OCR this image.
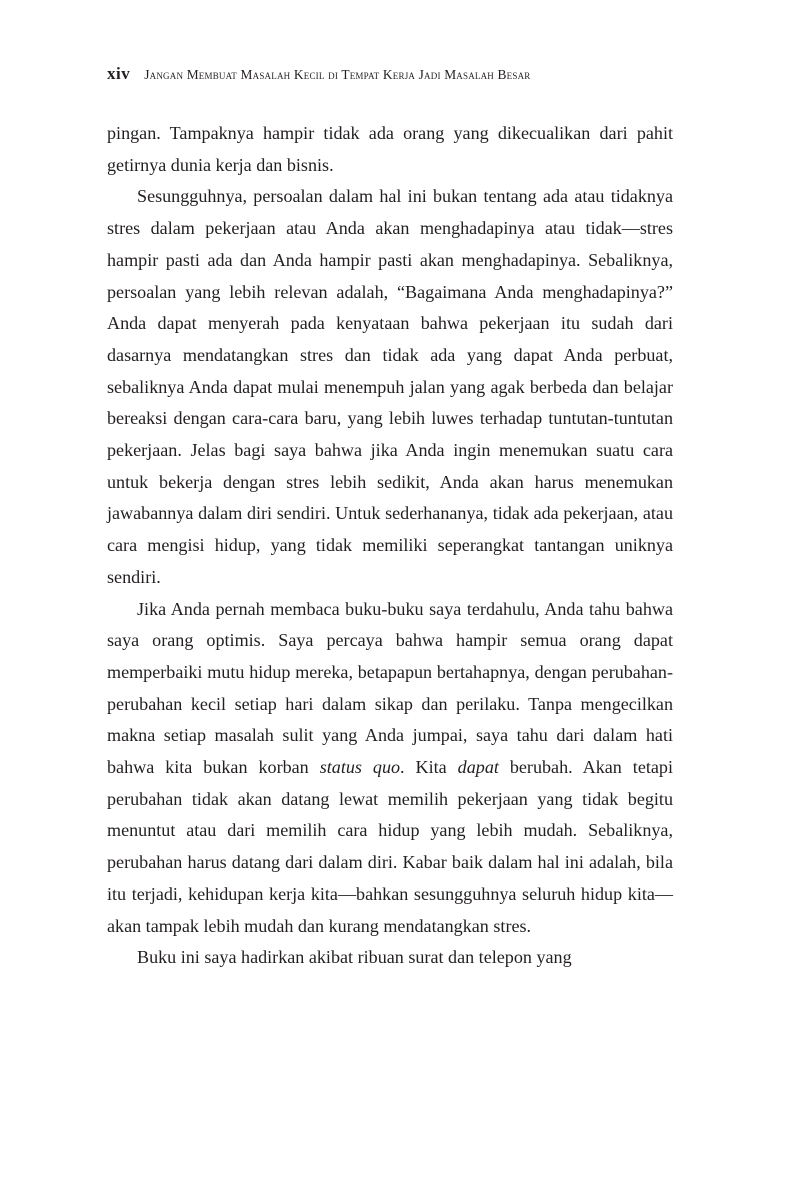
xiv Jangan Membuat Masalah Kecil di Tempat Kerja Jadi Masalah Besar

pingan. Tampaknya hampir tidak ada orang yang dikecualikan dari pahit getirnya dunia kerja dan bisnis.

Sesungguhnya, persoalan dalam hal ini bukan tentang ada atau tidaknya stres dalam pekerjaan atau Anda akan menghadapinya atau tidak—stres hampir pasti ada dan Anda hampir pasti akan menghadapinya. Sebaliknya, persoalan yang lebih relevan adalah, “Bagaimana Anda menghadapinya?” Anda dapat menyerah pada kenyataan bahwa pekerjaan itu sudah dari dasarnya mendatangkan stres dan tidak ada yang dapat Anda perbuat, sebaliknya Anda dapat mulai menempuh jalan yang agak berbeda dan belajar bereaksi dengan cara-cara baru, yang lebih luwes terhadap tuntutan-tuntutan pekerjaan. Jelas bagi saya bahwa jika Anda ingin menemukan suatu cara untuk bekerja dengan stres lebih sedikit, Anda akan harus menemukan jawabannya dalam diri sendiri. Untuk sederhananya, tidak ada pekerjaan, atau cara mengisi hidup, yang tidak memiliki seperangkat tantangan uniknya sendiri.

Jika Anda pernah membaca buku-buku saya terdahulu, Anda tahu bahwa saya orang optimis. Saya percaya bahwa hampir semua orang dapat memperbaiki mutu hidup mereka, betapapun bertahapnya, dengan perubahan-perubahan kecil setiap hari dalam sikap dan perilaku. Tanpa mengecilkan makna setiap masalah sulit yang Anda jumpai, saya tahu dari dalam hati bahwa kita bukan korban status quo. Kita dapat berubah. Akan tetapi perubahan tidak akan datang lewat memilih pekerjaan yang tidak begitu menuntut atau dari memilih cara hidup yang lebih mudah. Sebaliknya, perubahan harus datang dari dalam diri. Kabar baik dalam hal ini adalah, bila itu terjadi, kehidupan kerja kita—bahkan sesungguhnya seluruh hidup kita—akan tampak lebih mudah dan kurang mendatangkan stres.

Buku ini saya hadirkan akibat ribuan surat dan telepon yang
